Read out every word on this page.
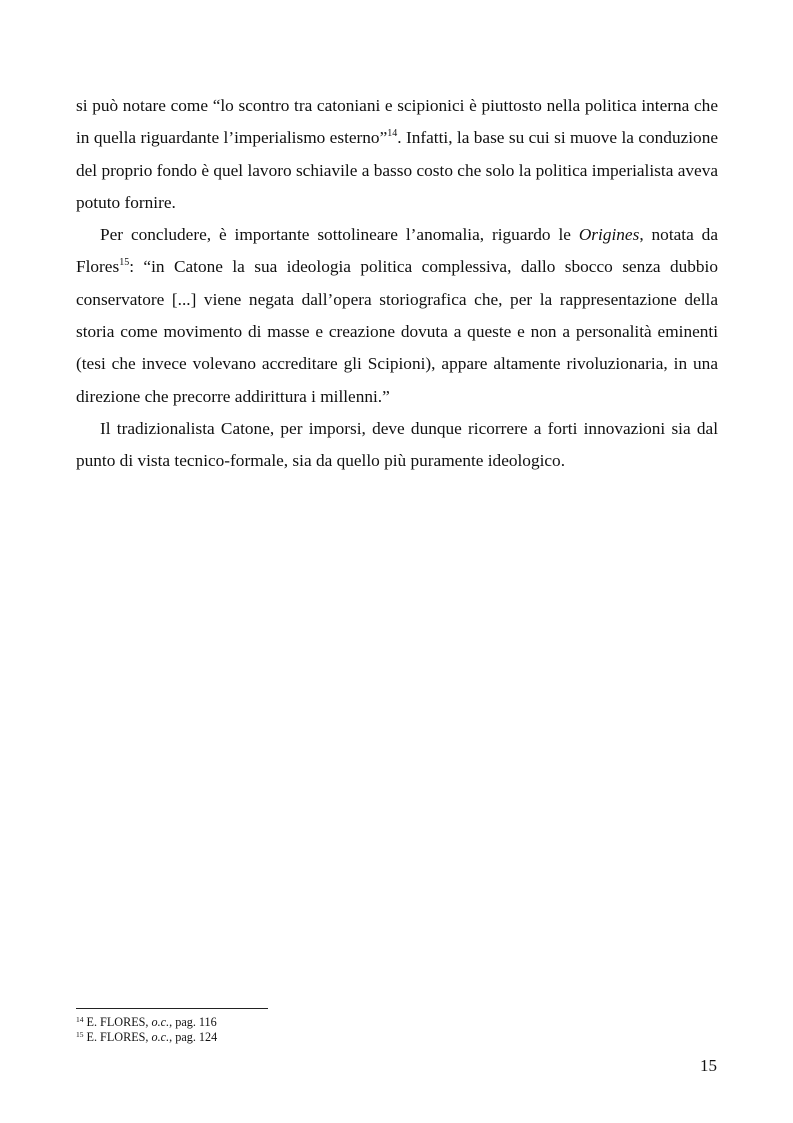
si può notare come “lo scontro tra catoniani e scipionici è piuttosto nella politica interna che in quella riguardante l’imperialismo esterno”$^{14}$. Infatti, la base su cui si muove la conduzione del proprio fondo è quel lavoro schiavile a basso costo che solo la politica imperialista aveva potuto fornire.

Per concludere, è importante sottolineare l’anomalia, riguardo le Origines, notata da Flores$^{15}$: “in Catone la sua ideologia politica complessiva, dallo sbocco senza dubbio conservatore [...] viene negata dall’opera storiografica che, per la rappresentazione della storia come movimento di masse e creazione dovuta a queste e non a personalità eminenti (tesi che invece volevano accreditare gli Scipioni), appare altamente rivoluzionaria, in una direzione che precorre addirittura i millenni.”

Il tradizionalista Catone, per imporsi, deve dunque ricorrere a forti innovazioni sia dal punto di vista tecnico-formale, sia da quello più puramente ideologico.

$^{14}$ E. FLORES, o.c., pag. 116
$^{15}$ E. FLORES, o.c., pag. 124
15
